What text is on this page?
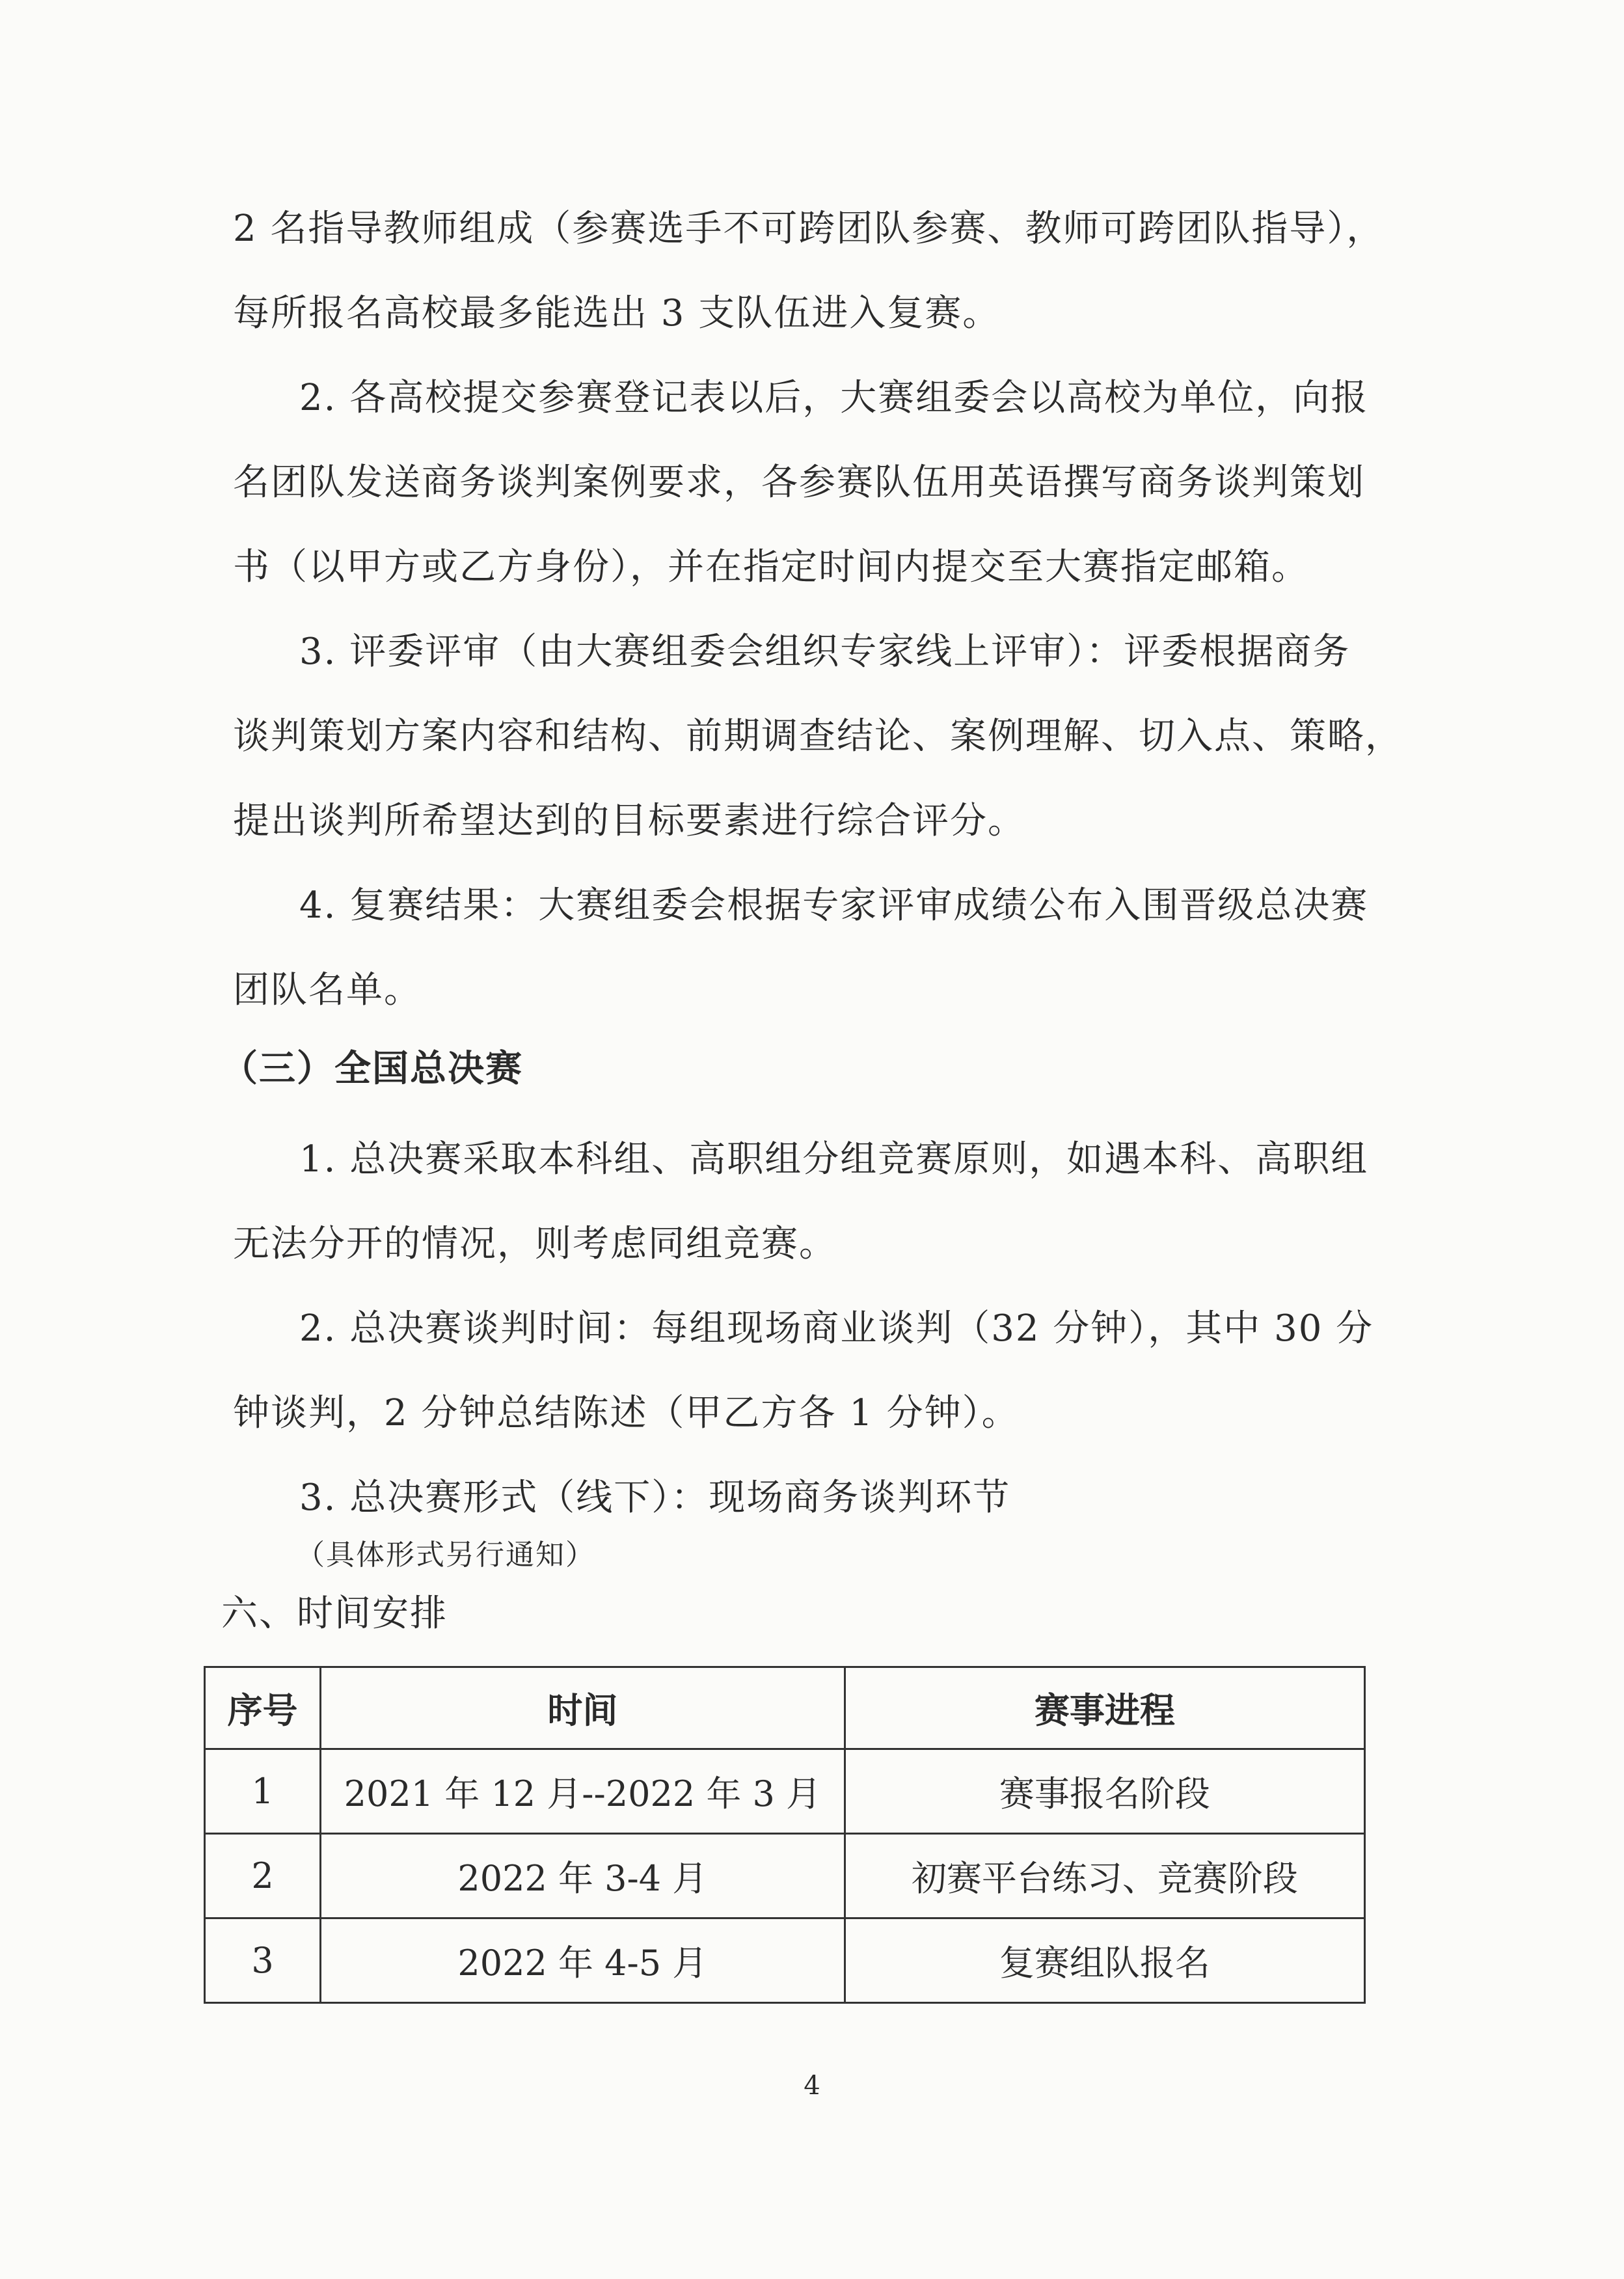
2 名指导教师组成（参赛选手不可跨团队参赛、教师可跨团队指导），
每所报名高校最多能选出 3 支队伍进入复赛。
2. 各高校提交参赛登记表以后，大赛组委会以高校为单位，向报
名团队发送商务谈判案例要求，各参赛队伍用英语撰写商务谈判策划
书（以甲方或乙方身份），并在指定时间内提交至大赛指定邮箱。
3. 评委评审（由大赛组委会组织专家线上评审）：评委根据商务
谈判策划方案内容和结构、前期调查结论、案例理解、切入点、策略，
提出谈判所希望达到的目标要素进行综合评分。
4. 复赛结果：大赛组委会根据专家评审成绩公布入围晋级总决赛
团队名单。
（三）全国总决赛
1. 总决赛采取本科组、高职组分组竞赛原则，如遇本科、高职组
无法分开的情况，则考虑同组竞赛。
2. 总决赛谈判时间：每组现场商业谈判（32 分钟），其中 30 分
钟谈判，2 分钟总结陈述（甲乙方各 1 分钟）。
3. 总决赛形式（线下）：现场商务谈判环节
（具体形式另行通知）
六、时间安排
序号	时间	赛事进程
1	2021 年 12 月--2022 年 3 月	赛事报名阶段
2	2022 年 3-4 月	初赛平台练习、竞赛阶段
3	2022 年 4-5 月	复赛组队报名
4
